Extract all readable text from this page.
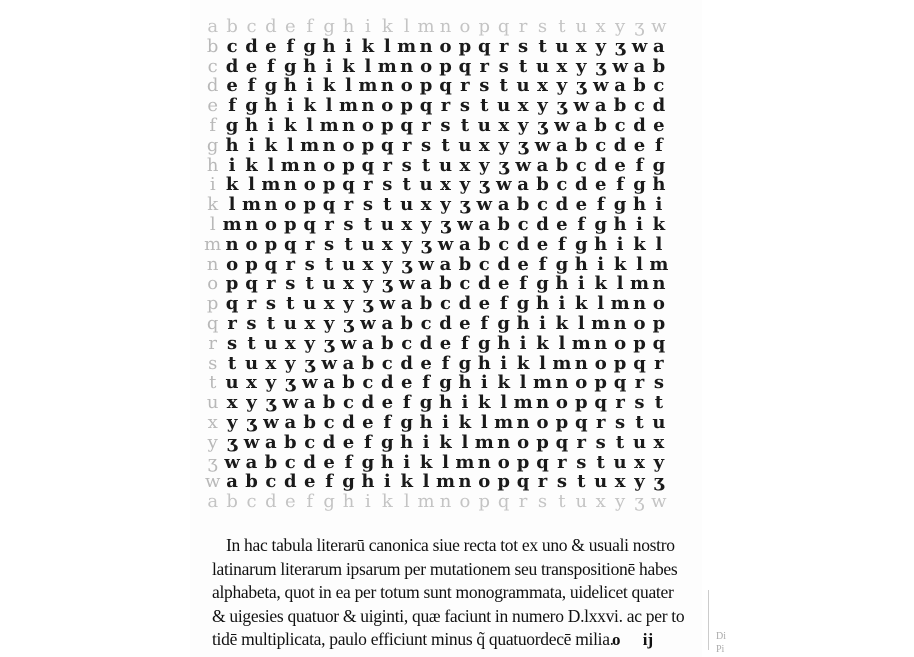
a b c d e f g h i k l m n o p q r s t u x y ʒ w
b c d e f g h i k l m n o p q r s t u x y ʒ w a
c d e f g h i k l m n o p q r s t u x y ʒ w a b
d e f g h i k l m n o p q r s t u x y ʒ w a b c
e f g h i k l m n o p q r s t u x y ʒ w a b c d
f g h i k l m n o p q r s t u x y ʒ w a b c d e
g h i k l m n o p q r s t u x y ʒ w a b c d e f
h i k l m n o p q r s t u x y ʒ w a b c d e f g
i k l m n o p q r s t u x y ʒ w a b c d e f g h
k l m n o p q r s t u x y ʒ w a b c d e f g h i
l m n o p q r s t u x y ʒ w a b c d e f g h i k
m n o p q r s t u x y ʒ w a b c d e f g h i k l
n o p q r s t u x y ʒ w a b c d e f g h i k l m
o p q r s t u x y ʒ w a b c d e f g h i k l m n
p q r s t u x y ʒ w a b c d e f g h i k l m n o
q r s t u x y ʒ w a b c d e f g h i k l m n o p
r s t u x y ʒ w a b c d e f g h i k l m n o p q
s t u x y ʒ w a b c d e f g h i k l m n o p q r
t u x y ʒ w a b c d e f g h i k l m n o p q r s
u x y ʒ w a b c d e f g h i k l m n o p q r s t
x y ʒ w a b c d e f g h i k l m n o p q r s t u
y ʒ w a b c d e f g h i k l m n o p q r s t u x
ʒ w a b c d e f g h i k l m n o p q r s t u x y
w a b c d e f g h i k l m n o p q r s t u x y ʒ
a b c d e f g h i k l m n o p q r s t u x y ʒ w
In hac tabula literarū canonica siue recta tot ex uno & usuali nostro
latinarum literarum ipsarum per mutationem seu transpositionē habes
alphabeta, quot in ea per totum sunt monogrammata, uidelicet quater
& uigesies quatuor & uiginti, quæ faciunt in numero D.lxxvi. ac per to
tidē multiplicata, paulo efficiunt minus q̃ quatuordecē milia.
o ij	Di
Pi
